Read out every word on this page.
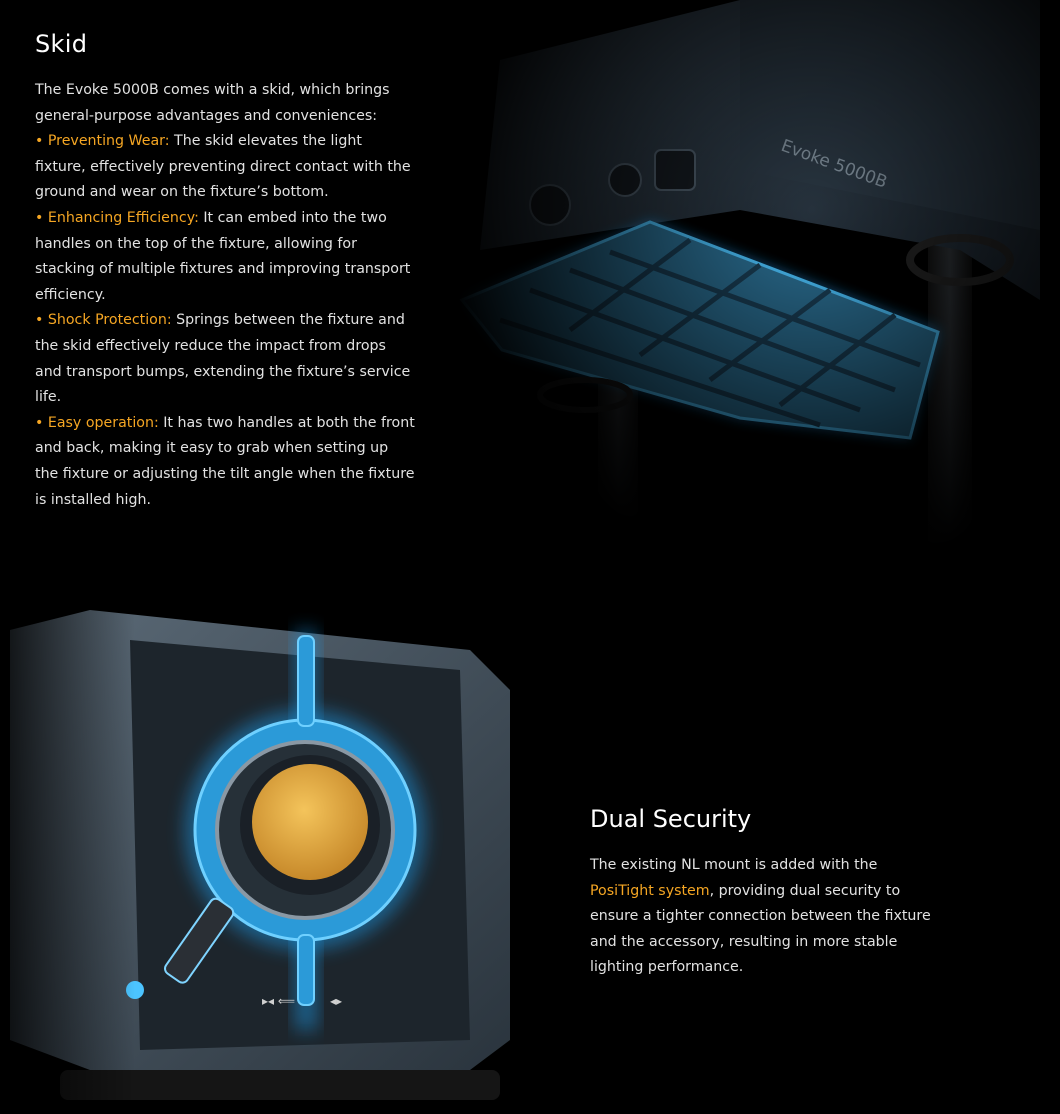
Skid

The Evoke 5000B comes with a skid, which brings general-purpose advantages and conveniences:

• Preventing Wear: The skid elevates the light fixture, effectively preventing direct contact with the ground and wear on the fixture’s bottom.

• Enhancing Efficiency: It can embed into the two handles on the top of the fixture, allowing for stacking of multiple fixtures and improving transport efficiency.

• Shock Protection: Springs between the fixture and the skid effectively reduce the impact from drops and transport bumps, extending the fixture’s service life.

• Easy operation: It has two handles at both the front and back, making it easy to grab when setting up the fixture or adjusting the tilt angle when the fixture is installed high.

Dual Security

The existing NL mount is added with the PosiTight system, providing dual security to ensure a tighter connection between the fixture and the accessory, resulting in more stable lighting performance.
